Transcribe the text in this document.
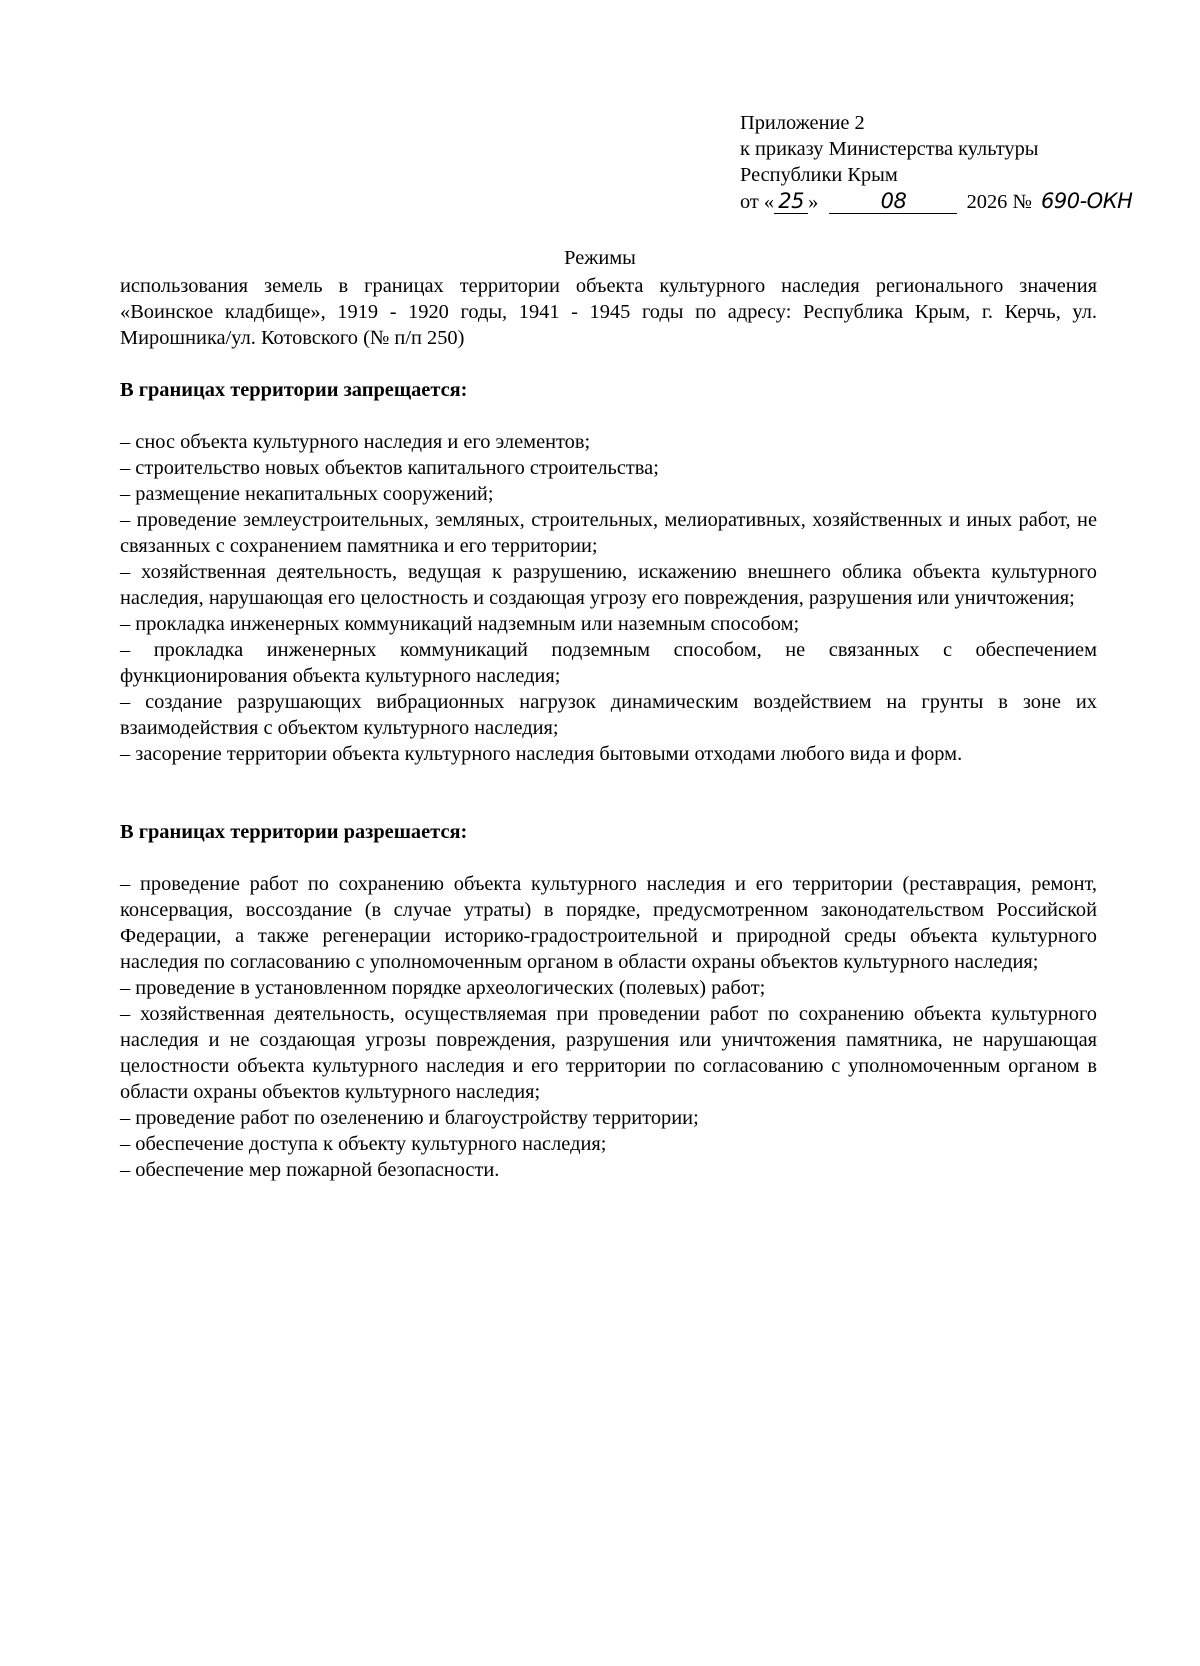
Приложение 2

к приказу Министерства культуры

Республики Крым

от « 25 »	08	2026 № 690-ОКН

Режимы

использования земель в границах территории объекта культурного наследия регионального значения «Воинское кладбище», 1919 - 1920 годы, 1941 - 1945 годы по адресу: Республика Крым, г. Керчь, ул. Мирошника/ул. Котовского (№ п/п 250)

В границах территории запрещается:

– снос объекта культурного наследия и его элементов;

– строительство новых объектов капитального строительства;

– размещение некапитальных сооружений;

– проведение землеустроительных, земляных, строительных, мелиоративных, хозяйственных и иных работ, не связанных с сохранением памятника и его территории;

– хозяйственная деятельность, ведущая к разрушению, искажению внешнего облика объекта культурного наследия, нарушающая его целостность и создающая угрозу его повреждения, разрушения или уничтожения;

– прокладка инженерных коммуникаций надземным или наземным способом;

– прокладка инженерных коммуникаций подземным способом, не связанных с обеспечением функционирования объекта культурного наследия;

– создание разрушающих вибрационных нагрузок динамическим воздействием на грунты в зоне их взаимодействия с объектом культурного наследия;

– засорение территории объекта культурного наследия бытовыми отходами любого вида и форм.

В границах территории разрешается:

– проведение работ по сохранению объекта культурного наследия и его территории (реставрация, ремонт, консервация, воссоздание (в случае утраты) в порядке, предусмотренном законодательством Российской Федерации, а также регенерации историко-градостроительной и природной среды объекта культурного наследия по согласованию с уполномоченным органом в области охраны объектов культурного наследия;

– проведение в установленном порядке археологических (полевых) работ;

– хозяйственная деятельность, осуществляемая при проведении работ по сохранению объекта культурного наследия и не создающая угрозы повреждения, разрушения или уничтожения памятника, не нарушающая целостности объекта культурного наследия и его территории по согласованию с уполномоченным органом в области охраны объектов культурного наследия;

– проведение работ по озеленению и благоустройству территории;

– обеспечение доступа к объекту культурного наследия;

– обеспечение мер пожарной безопасности.
